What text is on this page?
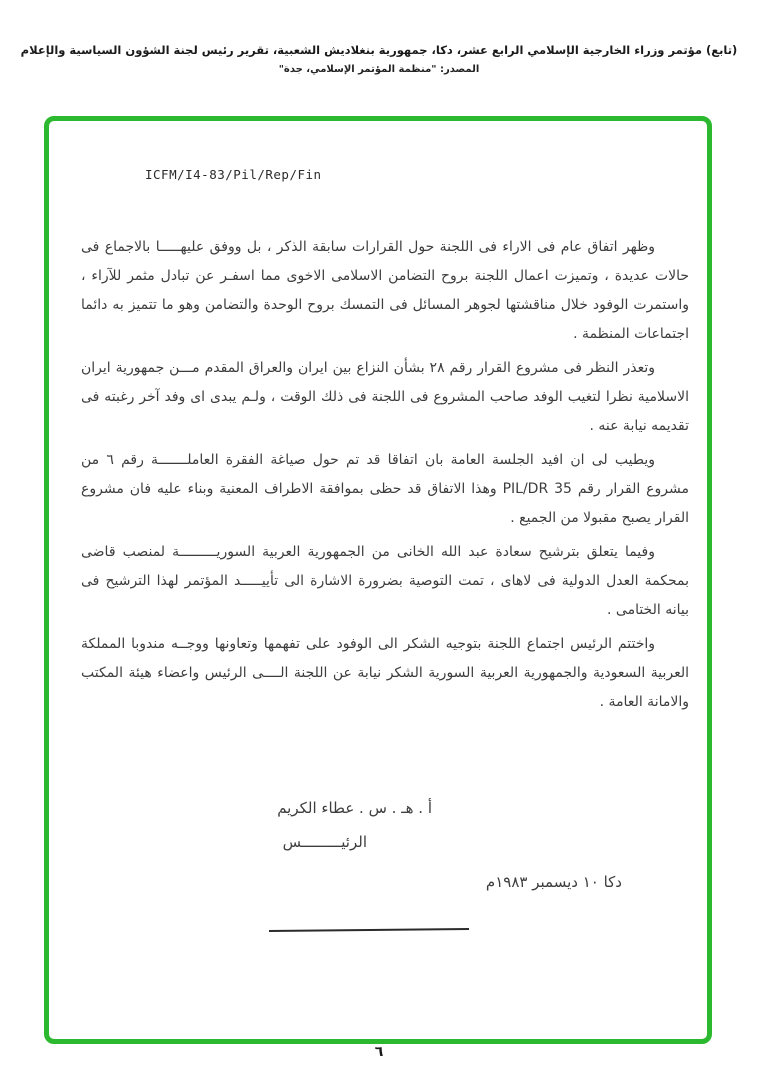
(تابع) مؤتمر وزراء الخارجية الإسلامي الرابع عشر، دكا، جمهورية بنغلاديش الشعبية، تقرير رئيس لجنة الشؤون السياسية والإعلام
المصدر: "منظمة المؤتمر الإسلامي، جدة"
ICFM/I4-83/Pil/Rep/Fin

وظهر اتفاق عام فى الاراء فى اللجنة حول القرارات سابقة الذكر ، بل ووفق عليهـــــا بالاجماع فى حالات عديدة ، وتميزت اعمال اللجنة بروح التضامن الاسلامى الاخوى مما اسفـر عن تبادل مثمر للآراء ، واستمرت الوفود خلال مناقشتها لجوهر المسائل فى التمسك بروح الوحدة والتضامن وهو ما تتميز به دائما اجتماعات المنظمة .

وتعذر النظر فى مشروع القرار رقم ٢٨ بشأن النزاع بين ايران والعراق المقدم مـــن جمهورية ايران الاسلامية نظرا لتغيب الوفد صاحب المشروع فى اللجنة فى ذلك الوقت ، ولـم يبدى اى وفد آخر رغبته فى تقديمه نيابة عنه .

ويطيب لى ان افيد الجلسة العامة بان اتفاقا قد تم حول صياغة الفقرة العاملـــــــة رقم ٦ من مشروع القرار رقم PIL/DR 35 وهذا الاتفاق قد حظى بموافقة الاطراف المعنية وبناء عليه فان مشروع القرار يصبح مقبولا من الجميع .

وفيما يتعلق بترشيح سعادة عبد الله الخانى من الجمهورية العربية السوريـــــــــة لمنصب قاضى بمحكمة العدل الدولية فى لاهاى ، تمت التوصية بضرورة الاشارة الى تأييـــــد المؤتمر لهذا الترشيح فى بيانه الختامى .

واختتم الرئيس اجتماع اللجنة بتوجيه الشكر الى الوفود على تفهمها وتعاونها ووجــه مندوبا المملكة العربية السعودية والجمهورية العربية السورية الشكر نيابة عن اللجنة الــــى الرئيس واعضاء هيئة المكتب والامانة العامة .

أ . هـ . س . عطاء الكريم
الرئيـــــــــس
دكا ١٠ ديسمبر ١٩٨٣م
٦
